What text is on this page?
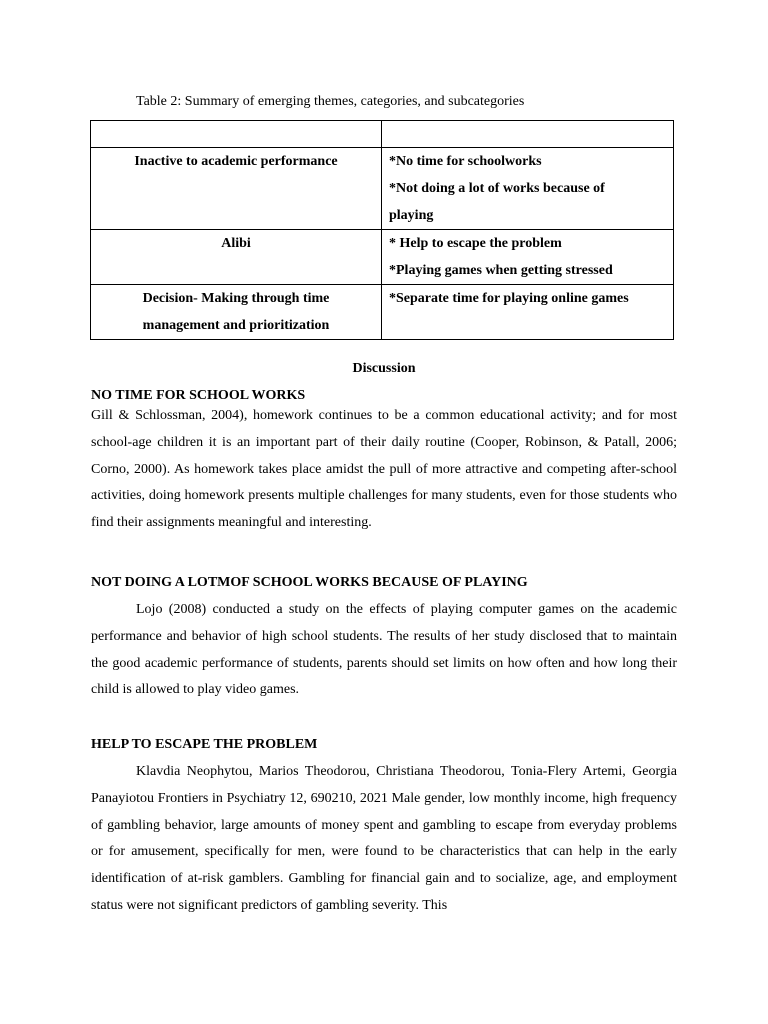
Table 2: Summary of emerging themes, categories, and subcategories

Inactive to academic performance	*No time for schoolworks
*Not doing a lot of works because of
playing

Alibi	* Help to escape the problem
*Playing games when getting stressed

Decision- Making through time
management and prioritization	*Separate time for playing online games
Discussion
NO TIME FOR SCHOOL WORKS

Gill & Schlossman, 2004), homework continues to be a common educational activity; and for most school-age children it is an important part of their daily routine (Cooper, Robinson, & Patall, 2006; Corno, 2000). As homework takes place amidst the pull of more attractive and competing after-school activities, doing homework presents multiple challenges for many students, even for those students who find their assignments meaningful and interesting.

NOT DOING A LOTMOF SCHOOL WORKS BECAUSE OF PLAYING

Lojo (2008) conducted a study on the effects of playing computer games on the academic performance and behavior of high school students. The results of her study disclosed that to maintain the good academic performance of students, parents should set limits on how often and how long their child is allowed to play video games.

HELP TO ESCAPE THE PROBLEM

Klavdia Neophytou, Marios Theodorou, Christiana Theodorou, Tonia-Flery Artemi, Georgia Panayiotou Frontiers in Psychiatry 12, 690210, 2021 Male gender, low monthly income, high frequency of gambling behavior, large amounts of money spent and gambling to escape from everyday problems or for amusement, specifically for men, were found to be characteristics that can help in the early identification of at-risk gamblers. Gambling for financial gain and to socialize, age, and employment status were not significant predictors of gambling severity. This
